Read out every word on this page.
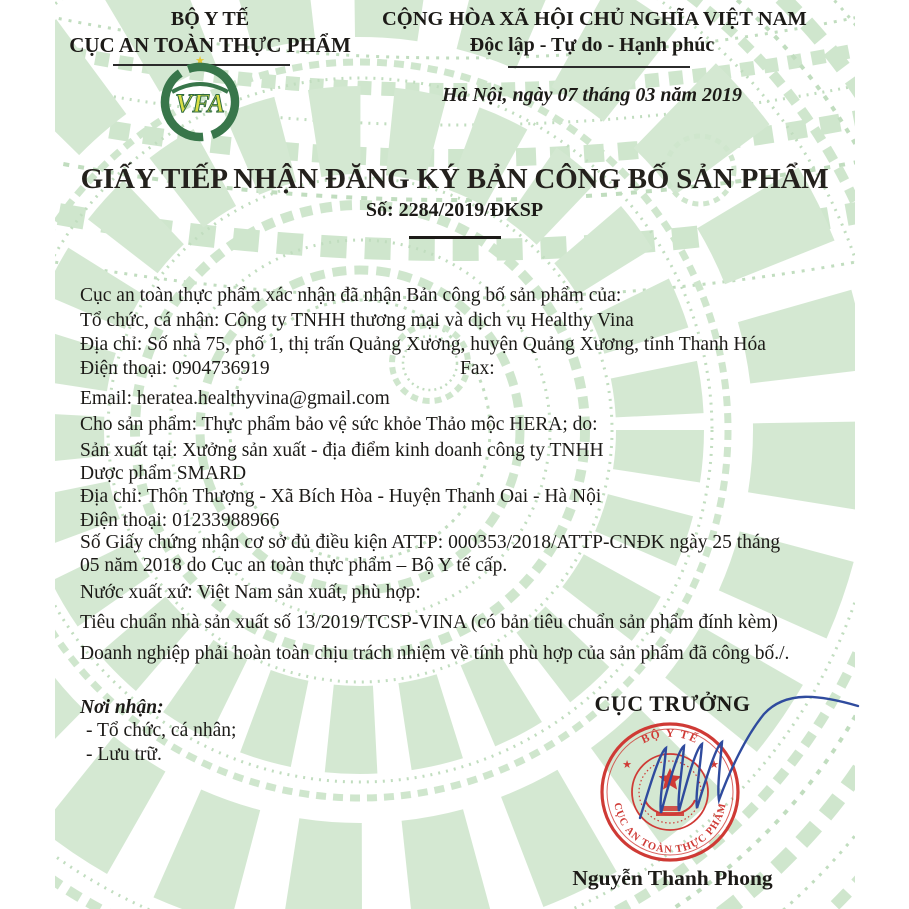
BỘ Y TẾ
CỤC AN TOÀN THỰC PHẨM
★
VFA
CỘNG HÒA XÃ HỘI CHỦ NGHĨA VIỆT NAM
Độc lập - Tự do - Hạnh phúc
Hà Nội, ngày 07 tháng 03 năm 2019
GIẤY TIẾP NHẬN ĐĂNG KÝ BẢN CÔNG BỐ SẢN PHẨM
Số: 2284/2019/ĐKSP
Cục an toàn thực phẩm xác nhận đã nhận Bản công bố sản phẩm của:
Tổ chức, cá nhân: Công ty TNHH thương mại và dịch vụ Healthy Vina
Địa chỉ: Số nhà 75, phố 1, thị trấn Quảng Xương, huyện Quảng Xương, tỉnh Thanh Hóa
Điện thoại: 0904736919	Fax:
Email: heratea.healthyvina@gmail.com
Cho sản phẩm: Thực phẩm bảo vệ sức khỏe Thảo mộc HERA; do:
Sản xuất tại: Xưởng sản xuất - địa điểm kinh doanh công ty TNHH
Dược phẩm SMARD
Địa chỉ: Thôn Thượng - Xã Bích Hòa - Huyện Thanh Oai - Hà Nội
Điện thoại: 01233988966
Số Giấy chứng nhận cơ sở đủ điều kiện ATTP: 000353/2018/ATTP-CNĐK ngày 25 tháng
05 năm 2018 do Cục an toàn thực phẩm – Bộ Y tế cấp.
Nước xuất xứ: Việt Nam sản xuất, phù hợp:
Tiêu chuẩn nhà sản xuất số 13/2019/TCSP-VINA (có bản tiêu chuẩn sản phẩm đính kèm)
Doanh nghiệp phải hoàn toàn chịu trách nhiệm về tính phù hợp của sản phẩm đã công bố./.
Nơi nhận:
- Tổ chức, cá nhân;
- Lưu trữ.
CỤC TRƯỞNG
Nguyễn Thanh Phong
BỘ Y TẾ
CỤC AN TOÀN THỰC PHẨM
★	★
